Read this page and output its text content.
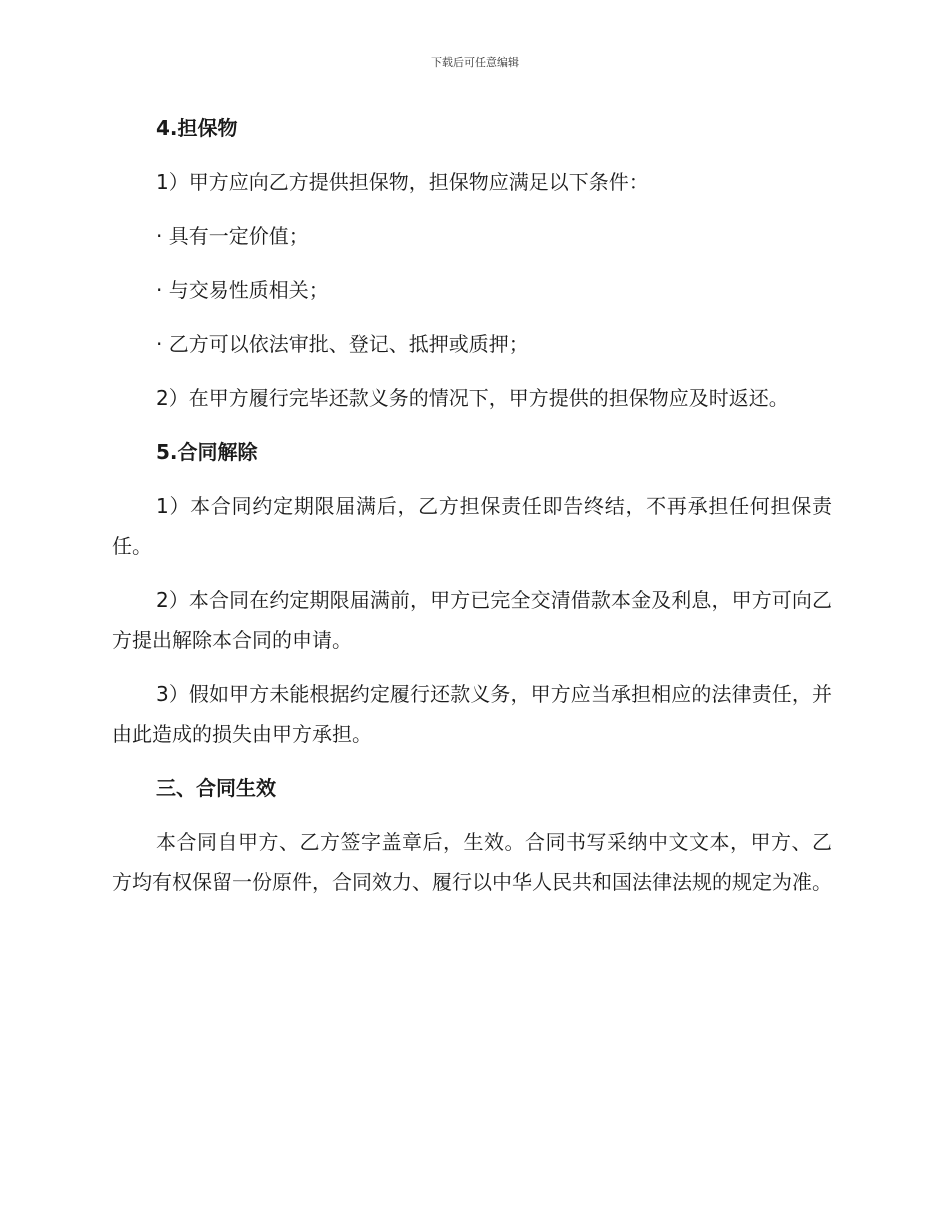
下载后可任意编辑
4.担保物
1）甲方应向乙方提供担保物，担保物应满足以下条件：
· 具有一定价值；
· 与交易性质相关；
· 乙方可以依法审批、登记、抵押或质押；
2）在甲方履行完毕还款义务的情况下，甲方提供的担保物应及时返还。
5.合同解除
1）本合同约定期限届满后，乙方担保责任即告终结，不再承担任何担保责任。
2）本合同在约定期限届满前，甲方已完全交清借款本金及利息，甲方可向乙方提出解除本合同的申请。
3）假如甲方未能根据约定履行还款义务，甲方应当承担相应的法律责任，并由此造成的损失由甲方承担。
三、合同生效
本合同自甲方、乙方签字盖章后，生效。合同书写采纳中文文本，甲方、乙方均有权保留一份原件，合同效力、履行以中华人民共和国法律法规的规定为准。
